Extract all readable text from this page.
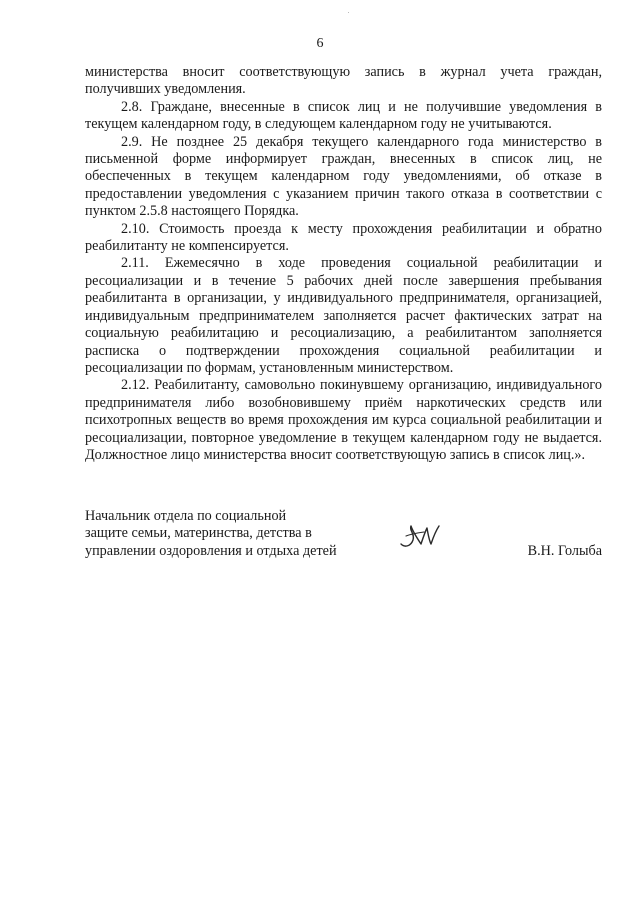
6

министерства вносит соответствующую запись в журнал учета граждан, получивших уведомления.

2.8. Граждане, внесенные в список лиц и не получившие уведомления в текущем календарном году, в следующем календарном году не учитываются.

2.9. Не позднее 25 декабря текущего календарного года министерство в письменной форме информирует граждан, внесенных в список лиц, не обеспеченных в текущем календарном году уведомлениями, об отказе в предоставлении уведомления с указанием причин такого отказа в соответствии с пунктом 2.5.8 настоящего Порядка.

2.10. Стоимость проезда к месту прохождения реабилитации и обратно реабилитанту не компенсируется.

2.11. Ежемесячно в ходе проведения социальной реабилитации и ресоциализации и в течение 5 рабочих дней после завершения пребывания реабилитанта в организации, у индивидуального предпринимателя, организацией, индивидуальным предпринимателем заполняется расчет фактических затрат на социальную реабилитацию и ресоциализацию, а реабилитантом заполняется расписка о подтверждении прохождения социальной реабилитации и ресоциализации по формам, установленным министерством.

2.12. Реабилитанту, самовольно покинувшему организацию, индивидуального предпринимателя либо возобновившему приём наркотических средств или психотропных веществ во время прохождения им курса социальной реабилитации и ресоциализации, повторное уведомление в текущем календарном году не выдается. Должностное лицо министерства вносит соответствующую запись в список лиц.».

Начальник отдела по социальной
защите семьи, материнства, детства в
управлении оздоровления и отдыха детей	В.Н. Голыба
